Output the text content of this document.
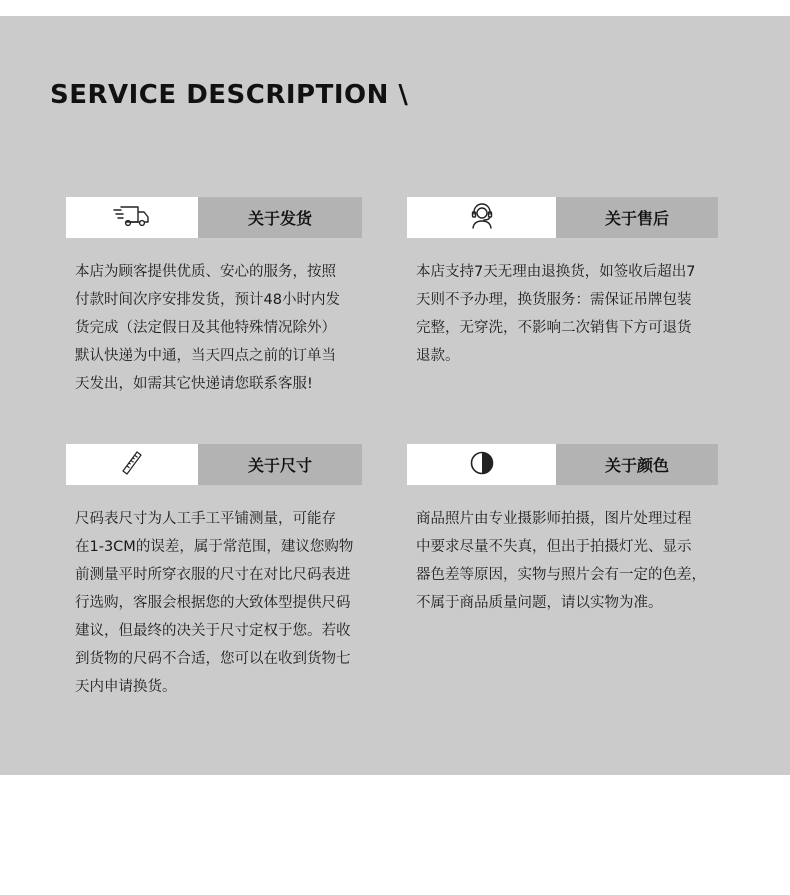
SERVICE DESCRIPTION \
关于发货
本店为顾客提供优质、安心的服务，按照
付款时间次序安排发货，预计48小时内发
货完成（法定假日及其他特殊情况除外）
默认快递为中通，当天四点之前的订单当
天发出，如需其它快递请您联系客服!
关于售后
本店支持7天无理由退换货，如签收后超出7
天则不予办理，换货服务：需保证吊牌包装
完整，无穿洗，不影响二次销售下方可退货
退款。
关于尺寸
尺码表尺寸为人工手工平铺测量，可能存
在1-3CM的误差，属于常范围，建议您购物
前测量平时所穿衣服的尺寸在对比尺码表进
行选购，客服会根据您的大致体型提供尺码
建议，但最终的决关于尺寸定权于您。若收
到货物的尺码不合适，您可以在收到货物七
天内申请换货。
关于颜色
商品照片由专业摄影师拍摄，图片处理过程
中要求尽量不失真，但出于拍摄灯光、显示
器色差等原因，实物与照片会有一定的色差，
不属于商品质量问题，请以实物为准。
